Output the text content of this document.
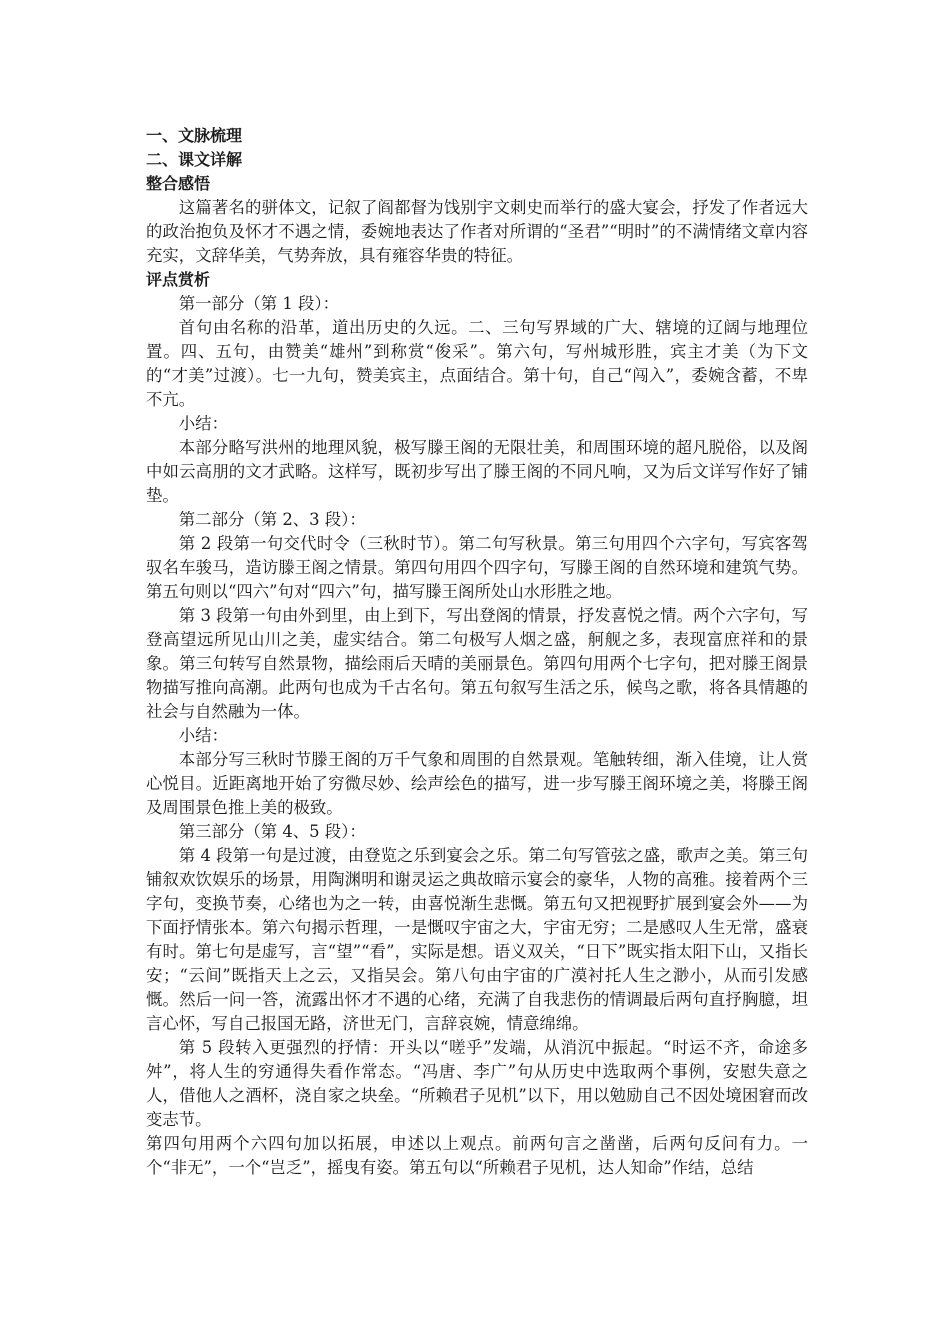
一、文脉梳理

二、课文详解

整合感悟

这篇著名的骈体文，记叙了阎都督为饯别宇文刺史而举行的盛大宴会，抒发了作者远大的政治抱负及怀才不遇之情，委婉地表达了作者对所谓的“圣君”“明时”的不满情绪文章内容充实，文辞华美，气势奔放，具有雍容华贵的特征。

评点赏析

第一部分（第 1 段）：

首句由名称的沿革，道出历史的久远。二、三句写界域的广大、辖境的辽阔与地理位置。四、五句，由赞美“雄州”到称赏“俊采”。第六句，写州城形胜，宾主才美（为下文的“才美”过渡）。七一九句，赞美宾主，点面结合。第十句，自己“闯入”，委婉含蓄，不卑不亢。

小结：

本部分略写洪州的地理风貌，极写滕王阁的无限壮美，和周围环境的超凡脱俗，以及阁中如云高朋的文才武略。这样写，既初步写出了滕王阁的不同凡响，又为后文详写作好了铺垫。

第二部分（第 2、3 段）：

第 2 段第一句交代时令（三秋时节）。第二句写秋景。第三句用四个六字句，写宾客驾驭名车骏马，造访滕王阁之情景。第四句用四个四字句，写滕王阁的自然环境和建筑气势。第五句则以“四六”句对“四六”句，描写滕王阁所处山水形胜之地。

第 3 段第一句由外到里，由上到下，写出登阁的情景，抒发喜悦之情。两个六字句，写登高望远所见山川之美，虚实结合。第二句极写人烟之盛，舸舰之多，表现富庶祥和的景象。第三句转写自然景物，描绘雨后天晴的美丽景色。第四句用两个七字句，把对滕王阁景物描写推向高潮。此两句也成为千古名句。第五句叙写生活之乐，候鸟之歌，将各具情趣的社会与自然融为一体。

小结：

本部分写三秋时节滕王阁的万千气象和周围的自然景观。笔触转细，渐入佳境，让人赏心悦目。近距离地开始了穷微尽妙、绘声绘色的描写，进一步写滕王阁环境之美，将滕王阁及周围景色推上美的极致。

第三部分（第 4、5 段）：

第 4 段第一句是过渡，由登览之乐到宴会之乐。第二句写管弦之盛，歌声之美。第三句铺叙欢饮娱乐的场景，用陶渊明和谢灵运之典故暗示宴会的豪华，人物的高雅。接着两个三字句，变换节奏，心绪也为之一转，由喜悦渐生悲慨。第五句又把视野扩展到宴会外——为下面抒情张本。第六句揭示哲理，一是慨叹宇宙之大，宇宙无穷；二是感叹人生无常，盛衰有时。第七句是虚写，言“望”“看”，实际是想。语义双关，“日下”既实指太阳下山，又指长安；“云间”既指天上之云，又指吴会。第八句由宇宙的广漠衬托人生之渺小，从而引发感慨。然后一问一答，流露出怀才不遇的心绪，充满了自我悲伤的情调最后两句直抒胸臆，坦言心怀，写自己报国无路，济世无门，言辞哀婉，情意绵绵。

第 5 段转入更强烈的抒情：开头以“嗟乎”发端，从消沉中振起。“时运不齐，命途多舛”，将人生的穷通得失看作常态。“冯唐、李广”句从历史中选取两个事例，安慰失意之人，借他人之酒杯，浇自家之块垒。“所赖君子见机”以下，用以勉励自己不因处境困窘而改变志节。

第四句用两个六四句加以拓展，申述以上观点。前两句言之凿凿，后两句反问有力。一个“非无”，一个“岂乏”，摇曳有姿。第五句以“所赖君子见机，达人知命”作结，总结
